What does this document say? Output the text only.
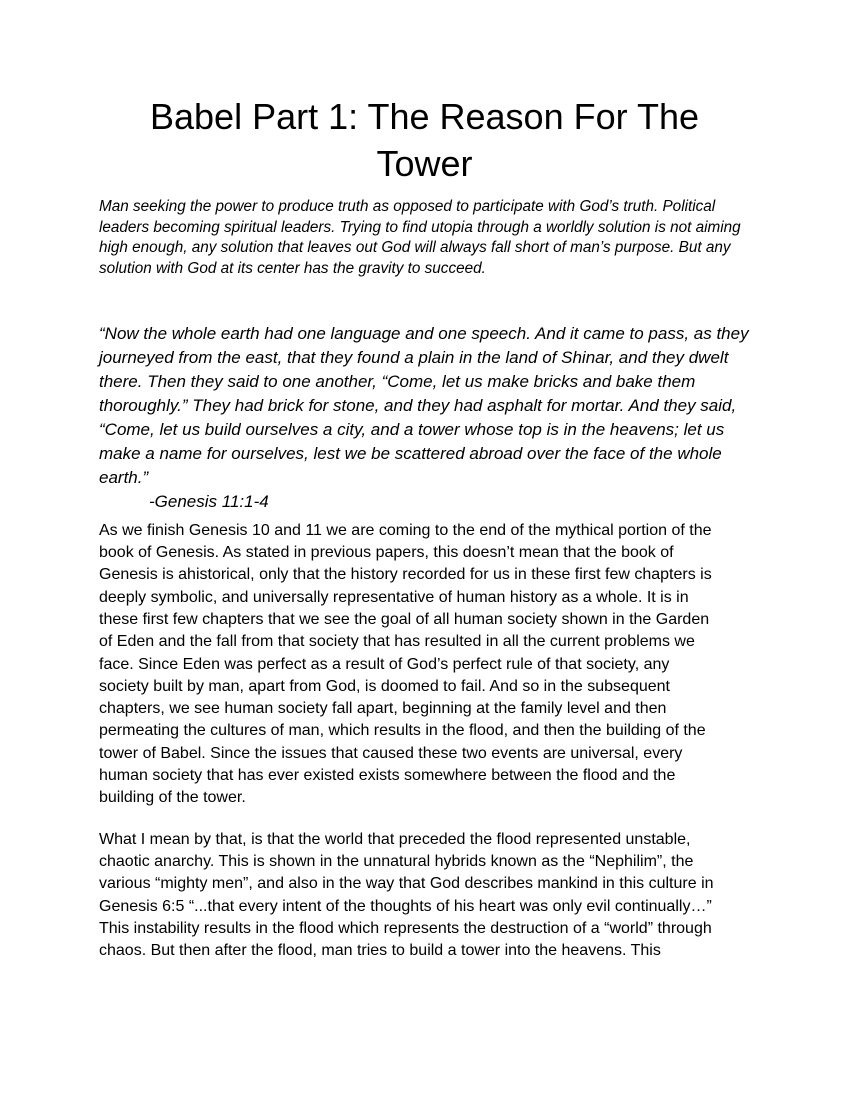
Babel Part 1: The Reason For The
Tower
Man seeking the power to produce truth as opposed to participate with God’s truth. Political
leaders becoming spiritual leaders. Trying to find utopia through a worldly solution is not aiming
high enough, any solution that leaves out God will always fall short of man’s purpose. But any
solution with God at its center has the gravity to succeed.
“Now the whole earth had one language and one speech. And it came to pass, as they
journeyed from the east, that they found a plain in the land of Shinar, and they dwelt
there. Then they said to one another, “Come, let us make bricks and bake them
thoroughly.” They had brick for stone, and they had asphalt for mortar. And they said,
“Come, let us build ourselves a city, and a tower whose top is in the heavens; let us
make a name for ourselves, lest we be scattered abroad over the face of the whole
earth.”
-Genesis 11:1-4
As we finish Genesis 10 and 11 we are coming to the end of the mythical portion of the
book of Genesis. As stated in previous papers, this doesn’t mean that the book of
Genesis is ahistorical, only that the history recorded for us in these first few chapters is
deeply symbolic, and universally representative of human history as a whole. It is in
these first few chapters that we see the goal of all human society shown in the Garden
of Eden and the fall from that society that has resulted in all the current problems we
face. Since Eden was perfect as a result of God’s perfect rule of that society, any
society built by man, apart from God, is doomed to fail. And so in the subsequent
chapters, we see human society fall apart, beginning at the family level and then
permeating the cultures of man, which results in the flood, and then the building of the
tower of Babel. Since the issues that caused these two events are universal, every
human society that has ever existed exists somewhere between the flood and the
building of the tower.
What I mean by that, is that the world that preceded the flood represented unstable,
chaotic anarchy. This is shown in the unnatural hybrids known as the “Nephilim”, the
various “mighty men”, and also in the way that God describes mankind in this culture in
Genesis 6:5 “...that every intent of the thoughts of his heart was only evil continually…”
This instability results in the flood which represents the destruction of a “world” through
chaos. But then after the flood, man tries to build a tower into the heavens. This
